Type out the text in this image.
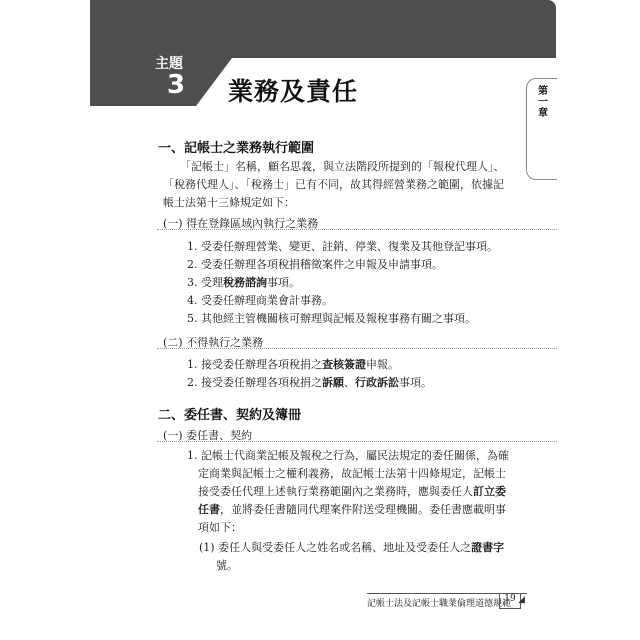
主題
3 業務及責任	第一章
一、記帳士之業務執行範圍
「記帳士」名稱，顧名思義，與立法階段所提到的「報稅代理人」、
「稅務代理人」、「稅務士」已有不同，故其得經營業務之範圍，依據記
帳士法第十三條規定如下：
(一) 得在登錄區域內執行之業務
1. 受委任辦理營業、變更、註銷、停業、復業及其他登記事項。
2. 受委任辦理各項稅捐稽徵案件之申報及申請事項。
3. 受理稅務諮詢事項。
4. 受委任辦理商業會計事務。
5. 其他經主管機關核可辦理與記帳及報稅事務有關之事項。
(二) 不得執行之業務
1. 接受委任辦理各項稅捐之查核簽證申報。
2. 接受委任辦理各項稅捐之訴願、行政訴訟事項。
二、委任書、契約及簿冊
(一) 委任書、契約
1. 記帳士代商業記帳及報稅之行為，屬民法規定的委任關係，為確
定商業與記帳士之權利義務，故記帳士法第十四條規定，記帳士
接受委任代理上述執行業務範圍內之業務時，應與委任人訂立委
任書，並將委任書隨同代理案件附送受理機關。委任書應載明事
項如下：
(1) 委任人與受委任人之姓名或名稱、地址及受委任人之證書字
號。
記帳士法及記帳士職業倫理道德規範
19 ◢
